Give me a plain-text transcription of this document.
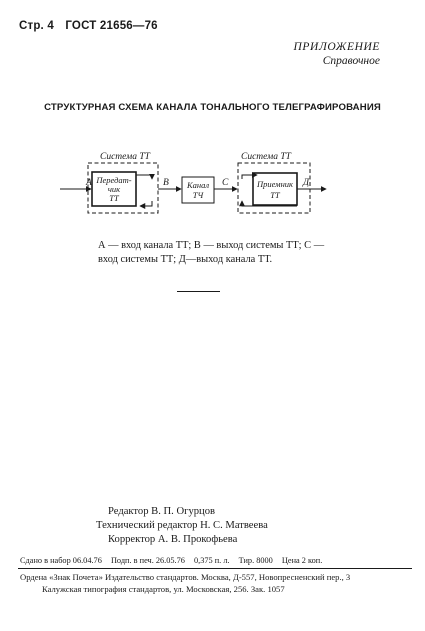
Стр. 4 ГОСТ 21656—76
ПРИЛОЖЕНИЕ
Справочное
СТРУКТУРНАЯ СХЕМА КАНАЛА ТОНАЛЬНОГО ТЕЛЕГРАФИРОВАНИЯ
Система ТТ	Система ТТ
Передат-
чик
ТТ
А	В Канал
ТЧ
С	Приемник
ТТ
Д
А — вход канала ТТ; В — выход системы ТТ; С —
вход системы ТТ; Д—выход канала ТТ.
Редактор В. П. Огурцов
Технический редактор Н. С. Матвеева
Корректор А. В. Прокофьева
Сдано в набор 06.04.76 Подп. в печ. 26.05.76 0,375 п. л. Тир. 8000 Цена 2 коп.
Ордена «Знак Почета» Издательство стандартов. Москва, Д-557, Новопресненский пер., 3
Калужская типография стандартов, ул. Московская, 256. Зак. 1057
